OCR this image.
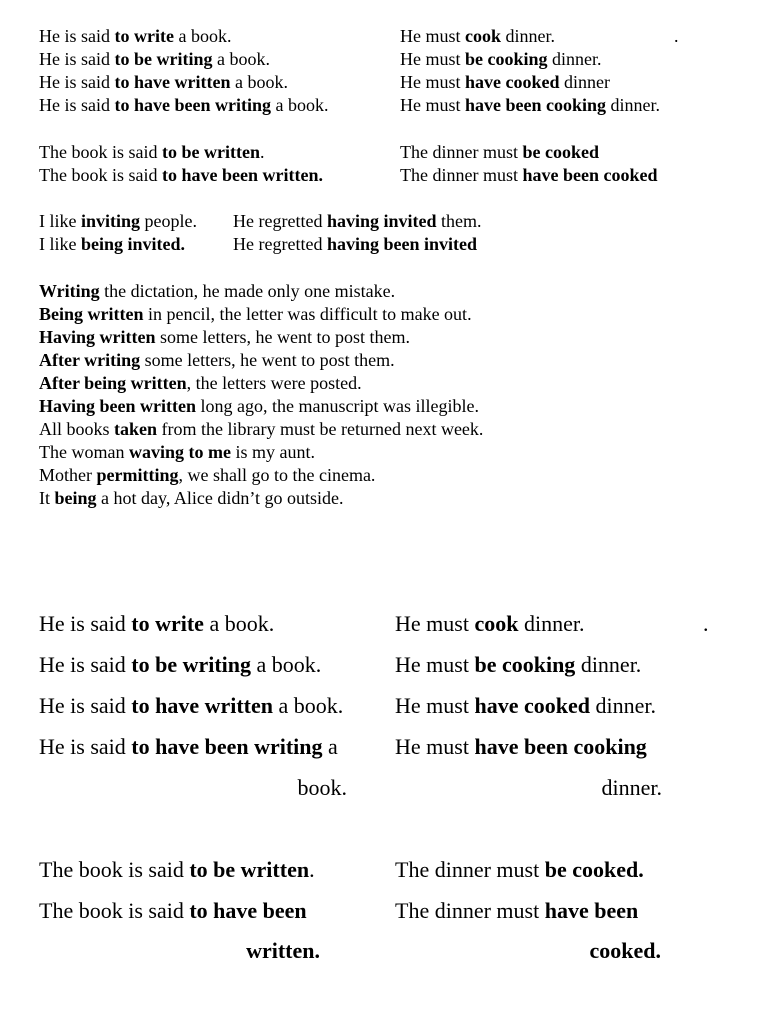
He is said to write a book.
He is said to be writing a book.
He is said to have written a book.
He is said to have been writing a book.
He must cook dinner.	.
He must be cooking dinner.
He must have cooked dinner
He must have been cooking dinner.
The book is said to be written.
The book is said to have been written.
The dinner must be cooked
The dinner must have been cooked
I like inviting people.
I like being invited.
He regretted having invited them.
He regretted having been invited
Writing the dictation, he made only one mistake.
Being written in pencil, the letter was difficult to make out.
Having written some letters, he went to post them.
After writing some letters, he went to post them.
After being written, the letters were posted.
Having been written long ago, the manuscript was illegible.
All books taken from the library must be returned next week.
The woman waving to me is my aunt.
Mother permitting, we shall go to the cinema.
It being a hot day, Alice didn’t go outside.
He is said to write a book.
He is said to be writing a book.
He is said to have written a book.
He is said to have been writing a
book.
He must cook dinner.	.
He must be cooking dinner.
He must have cooked dinner.
He must have been cooking
dinner.
The book is said to be written.
The book is said to have been
written.
The dinner must be cooked.
The dinner must have been
cooked.
